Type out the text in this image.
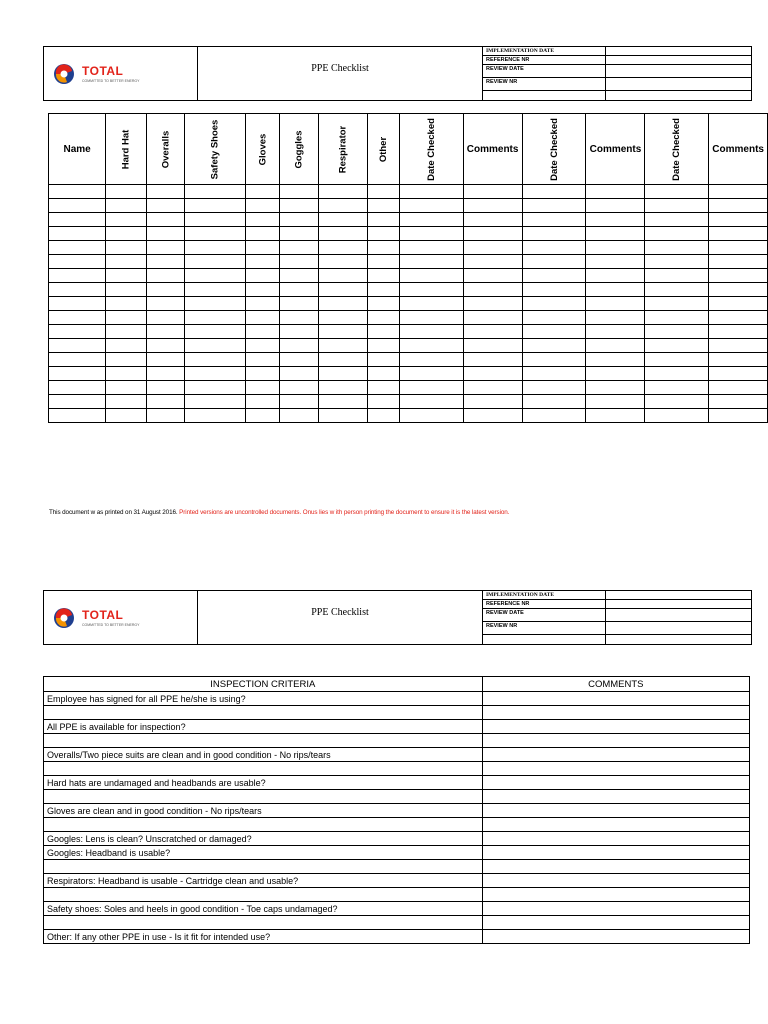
TOTAL
COMMITTED TO BETTER ENERGY
PPE Checklist
IMPLEMENTATION DATE
REFERENCE NR
REVIEW DATE
REVIEW NR
Name	Hard Hat	Overalls	Safety Shoes	Gloves	Goggles	Respirator	Other	Date Checked	Comments	Date Checked	Comments	Date Checked	Comments

This document w as printed on 31 August 2016. Printed versions are uncontrolled documents. Onus lies w ith person printing the document to ensure it is the latest version.
TOTAL
COMMITTED TO BETTER ENERGY
PPE Checklist
IMPLEMENTATION DATE
REFERENCE NR
REVIEW DATE
REVIEW NR
INSPECTION CRITERIA	COMMENTS
Employee has signed for all PPE he/she is using?	

All PPE is available for inspection?	

Overalls/Two piece suits are clean and in good condition - No rips/tears	

Hard hats are undamaged and headbands are usable?	

Gloves are clean and in good condition - No rips/tears	

Googles: Lens is clean? Unscratched or damaged?	
Googles: Headband is usable?	

Respirators: Headband is usable - Cartridge clean and usable?	

Safety shoes: Soles and heels in good condition - Toe caps undamaged?	

Other: If any other PPE in use - Is it fit for intended use?	
